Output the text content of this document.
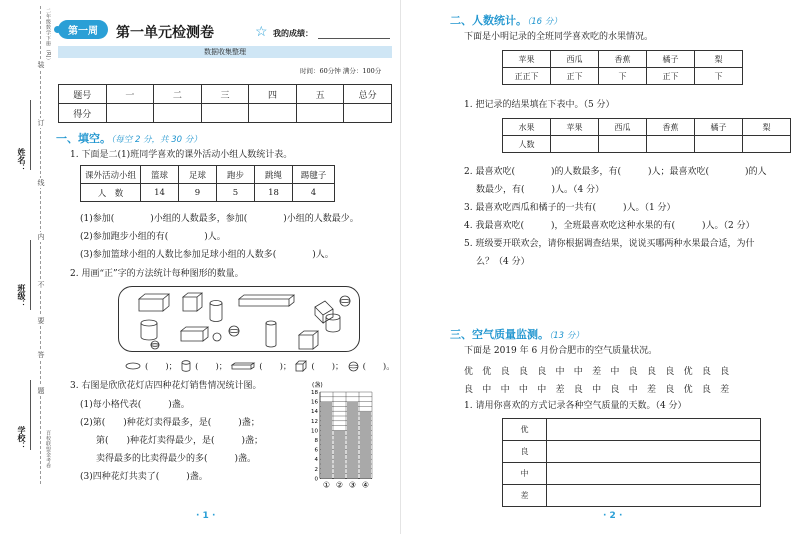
姓名：
班级：
学校：
装
订
线
内
不
要
答
题
二年级数学下册（RJ）
百校联盟金考卷
第一周	第一单元检测卷	☆ 我的成绩：
数据收集整理
时间：60分钟 满分：100分
题号	一	二	三	四	五	总分
得分						
一、填空。（每空 2 分，共 30 分）
1. 下面是二(1)班同学喜欢的课外活动小组人数统计表。
课外活动小组	篮球	足球	跑步	跳绳	踢毽子
人　数	14	9	5	18	4
(1)参加(　　　　)小组的人数最多，参加(　　　　)小组的人数最少。
(2)参加跑步小组的有(　　　　)人。
(3)参加篮球小组的人数比参加足球小组的人数多(　　　　)人。
2. 用画“正”字的方法统计每种图形的数量。
(　　)； (　　)；	(　　)； (　　)； (　　)。
3. 右图是欣欣花灯店四种花灯销售情况统计图。
(1)每小格代表(　　　)盏。
(2)第(　　)种花灯卖得最多，是(　　　)盏；
第(　　)种花灯卖得最少，是(　　　)盏；
卖得最多的比卖得最少的多(　　　)盏。
(3)四种花灯共卖了(　　　)盏。
(盏)
18
16
14
12
10
8
6
4
2
0
① ② ③ ④
· 1 ·
二、人数统计。（16 分）
下面是小明记录的全班同学喜欢吃的水果情况。
苹果	西瓜	香蕉	橘子	梨
正正下	正下	下	正下	下
1. 把记录的结果填在下表中。（5 分）
水果	苹果	西瓜	香蕉	橘子	梨
人数					
2. 最喜欢吃(　　　　)的人数最多，有(　　　)人；最喜欢吃(　　　　)的人
数最少，有(　　　)人。（4 分）
3. 最喜欢吃西瓜和橘子的一共有(　　　)人。（1 分）
4. 我最喜欢吃(　　　)，全班最喜欢吃这种水果的有(　　　)人。（2 分）
5. 班级要开联欢会，请你根据调查结果，说说买哪两种水果最合适，为什
么？（4 分）
三、空气质量监测。（13 分）
下面是 2019 年 6 月份合肥市的空气质量状况。
优	优	良	良	良	中	中	差	中	良	良	良	优	良	良
良	中	中	中	中	差	良	中	良	中	差	良	优	良	差
1. 请用你喜欢的方式记录各种空气质量的天数。（4 分）
优	
良	
中	
差	
· 2 ·
